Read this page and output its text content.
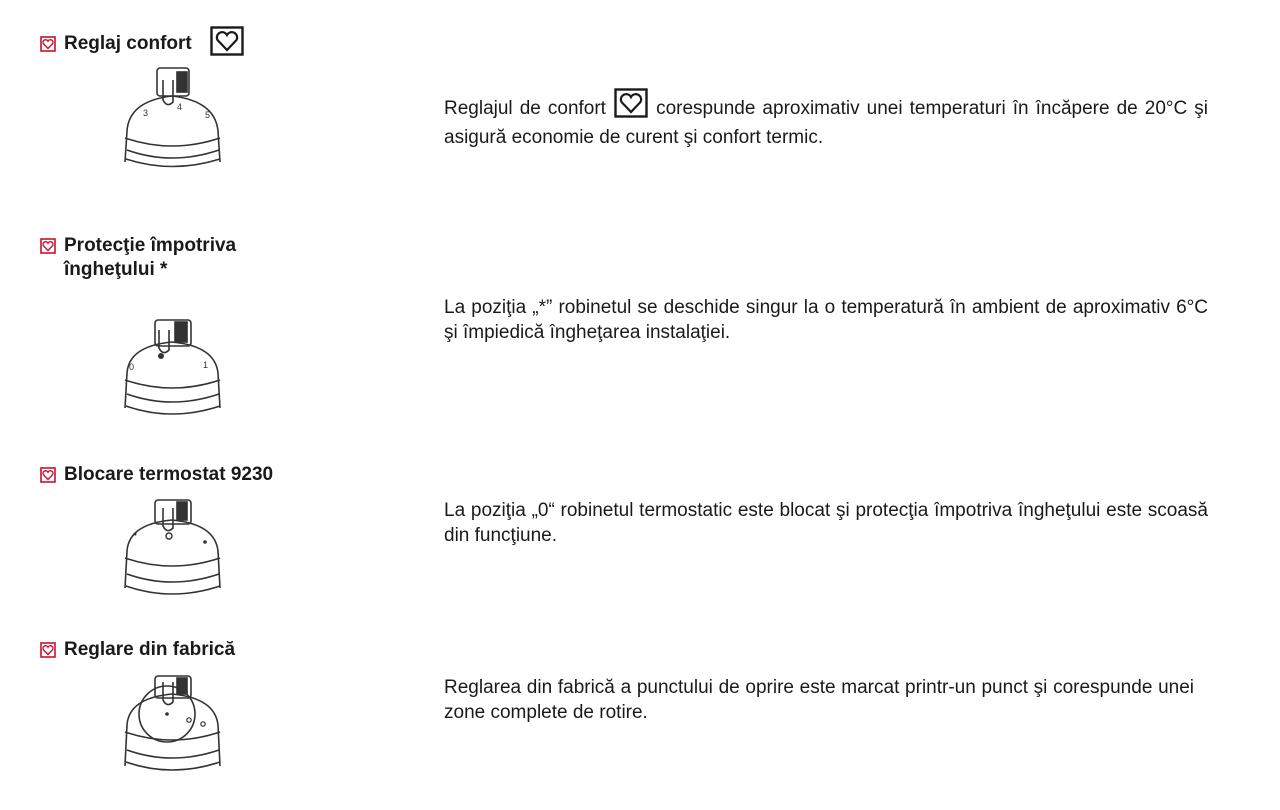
Reglaj confort
3
4
5	Reglajul de confort	corespunde aproximativ unei temperaturi în încăpere de 20°C şi asigură economie de curent şi confort termic.
Protecţie împotriva
îngheţului *
0	1
La poziţia „*” robinetul se deschide singur la o temperatură în ambient de aproximativ 6°C şi împiedică îngheţarea instalaţiei.
Blocare termostat 9230
La poziţia „0“ robinetul termostatic este blocat şi protecţia împotriva îngheţului este scoasă din funcţiune.
Reglare din fabrică
Reglarea din fabrică a punctului de oprire este marcat printr-un punct şi corespunde unei zone complete de rotire.
